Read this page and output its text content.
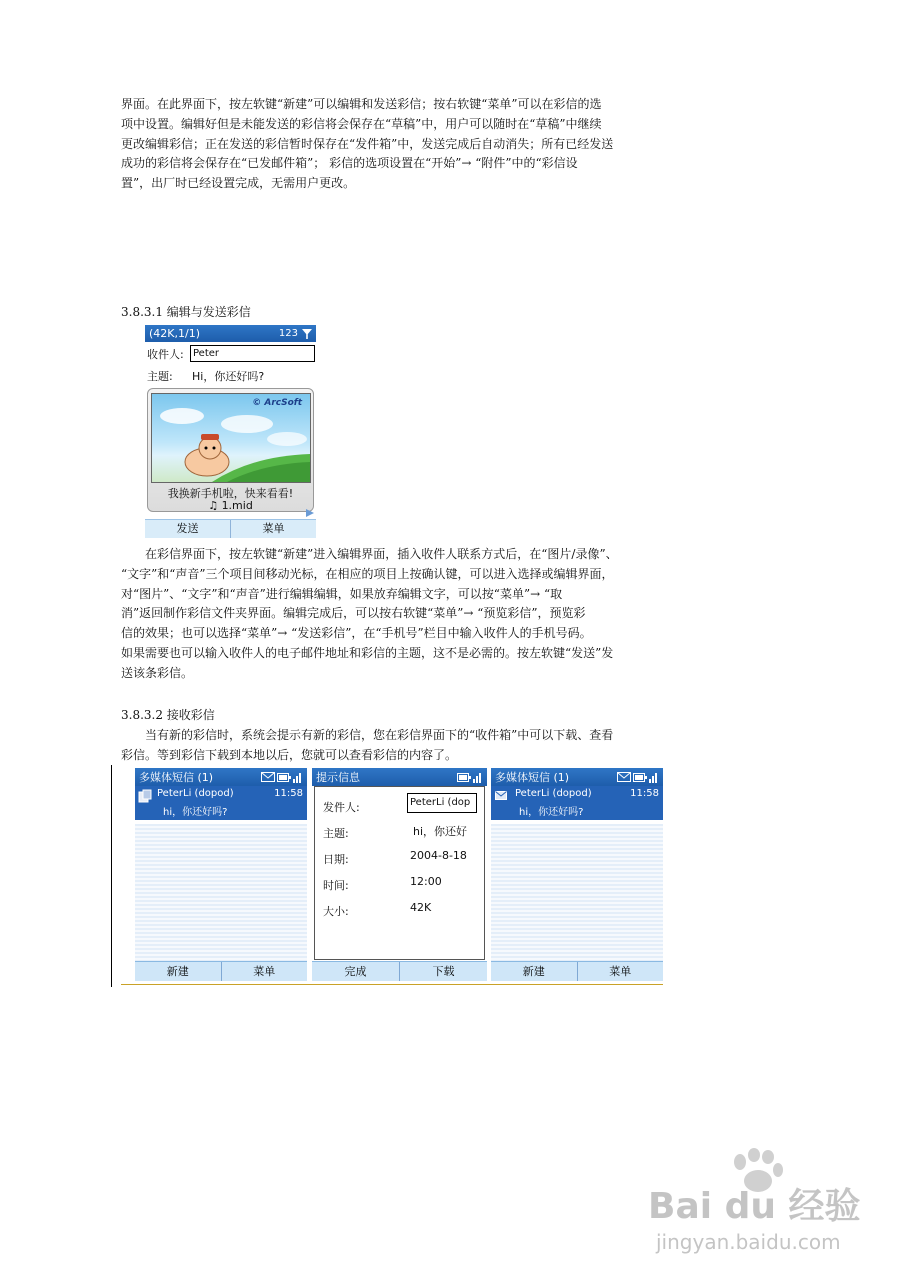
界面。在此界面下，按左软键“新建”可以编辑和发送彩信；按右软键“菜单”可以在彩信的选
项中设置。编辑好但是未能发送的彩信将会保存在“草稿”中，用户可以随时在“草稿”中继续
更改编辑彩信；正在发送的彩信暂时保存在“发件箱”中，发送完成后自动消失；所有已经发送
成功的彩信将会保存在“已发邮件箱”； 彩信的选项设置在“开始”→ “附件”中的“彩信设
置”，出厂时已经设置完成，无需用户更改。
3.8.3.1 编辑与发送彩信
(42K,1/1)	123
收件人: Peter
主题: Hi，你还好吗?
© ArcSoft
我换新手机啦，快来看看!
♫ 1.mid
发送	菜单
在彩信界面下，按左软键“新建”进入编辑界面，插入收件人联系方式后，在“图片/录像”、
“文字”和“声音”三个项目间移动光标，在相应的项目上按确认键，可以进入选择或编辑界面，
对“图片”、“文字”和“声音”进行编辑编辑，如果放弃编辑文字，可以按“菜单”→ “取
消”返回制作彩信文件夹界面。编辑完成后，可以按右软键“菜单”→ “预览彩信”，预览彩
信的效果；也可以选择“菜单”→ “发送彩信”，在“手机号”栏目中输入收件人的手机号码。
如果需要也可以输入收件人的电子邮件地址和彩信的主题，这不是必需的。按左软键“发送”发
送该条彩信。
3.8.3.2 接收彩信
当有新的彩信时，系统会提示有新的彩信，您在彩信界面下的“收件箱”中可以下载、查看
彩信。等到彩信下载到本地以后，您就可以查看彩信的内容了。
多媒体短信 (1)
PeterLi (dopod)	11:58
hi，你还好吗?
新建	菜单
提示信息
发件人:	PeterLi (dop
主题:	hi，你还好
日期:	2004-8-18
时间:	12:00
大小:	42K
完成	下载
多媒体短信 (1)
PeterLi (dopod)	11:58
hi，你还好吗?
新建	菜单
Bai du 经验
jingyan.baidu.com
